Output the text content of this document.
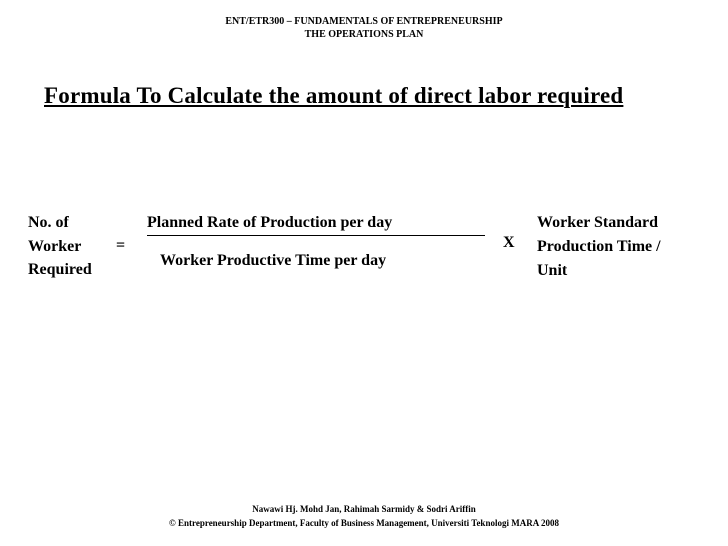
ENT/ETR300 – FUNDAMENTALS OF ENTREPRENEURSHIP
THE OPERATIONS PLAN
Formula To Calculate the amount of direct labor required
No. of
Worker
Required
=
Planned Rate of Production per day
Worker Productive Time per day
X
Worker Standard
Production Time /
Unit
Nawawi Hj. Mohd Jan, Rahimah Sarmidy & Sodri Ariffin
© Entrepreneurship Department, Faculty of Business Management, Universiti Teknologi MARA 2008
